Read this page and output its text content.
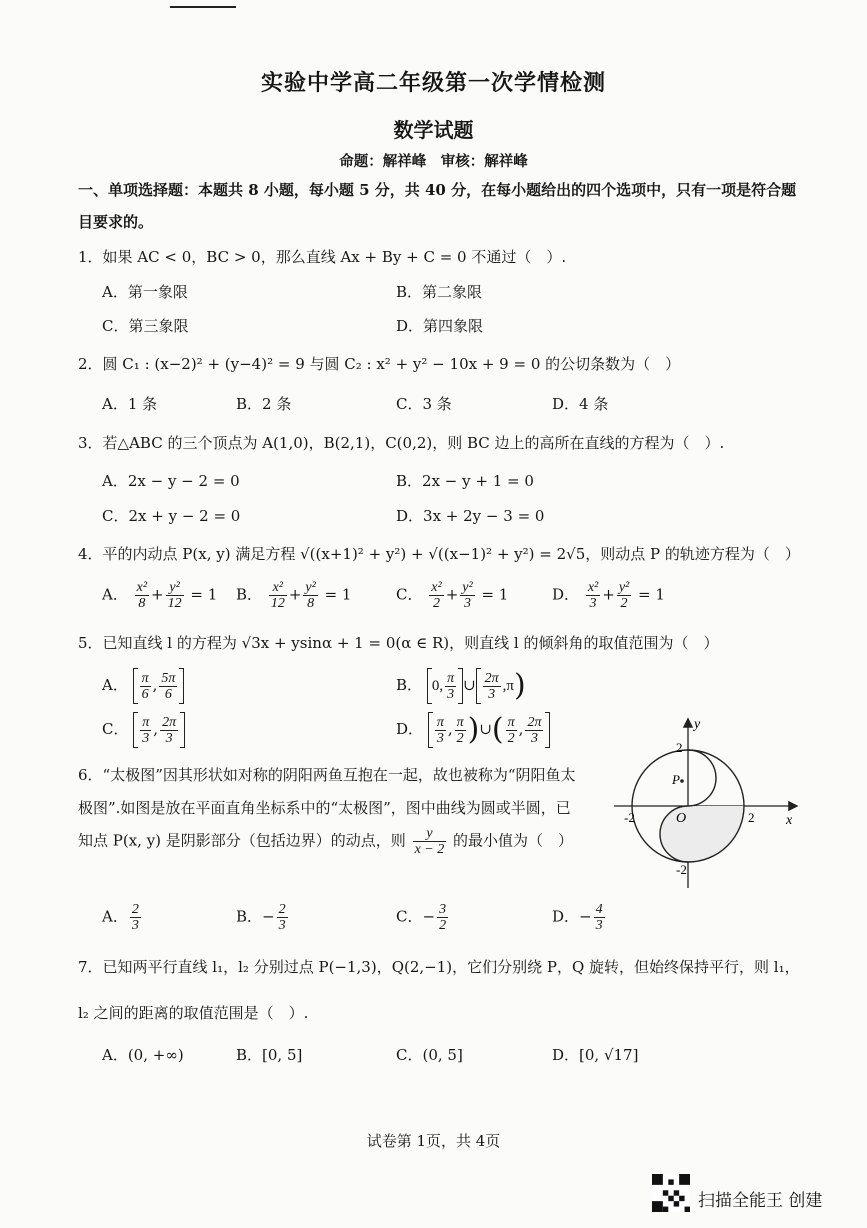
实验中学高二年级第一次学情检测
数学试题
命题：解祥峰　审核：解祥峰
一、单项选择题：本题共 8 小题，每小题 5 分，共 40 分，在每小题给出的四个选项中，只有一项是符合题目要求的。
1．如果 AC < 0，BC > 0，那么直线 Ax + By + C = 0 不通过（　）.
A．第一象限	B．第二象限
C．第三象限	D．第四象限
2．圆 C₁ : (x−2)² + (y−4)² = 9 与圆 C₂ : x² + y² − 10x + 9 = 0 的公切条数为（　）
A．1 条	B．2 条	C．3 条	D．4 条
3．若△ABC 的三个顶点为 A(1,0)，B(2,1)，C(0,2)，则 BC 边上的高所在直线的方程为（　）.
A．2x − y − 2 = 0	B．2x − y + 1 = 0
C．2x + y − 2 = 0	D．3x + 2y − 3 = 0
4．平的内动点 P(x, y) 满足方程 √((x+1)² + y²) + √((x−1)² + y²) = 2√5，则动点 P 的轨迹方程为（　）
A． $\frac{\text{x²}}{8} + \frac{\text{y²}}{12} = 1$ B． $\frac{\text{x²}}{12} + \frac{\text{y²}}{8} = 1$	C． $\frac{\text{x²}}{2} + \frac{\text{y²}}{3} = 1$	D． $\frac{\text{x²}}{3} + \frac{\text{y²}}{2} = 1$
5．已知直线 l 的方程为 √3x + ysinα + 1 = 0(α ∈ R)，则直线 l 的倾斜角的取值范围为（　）
A． $\frac{\pi}{6}$ , $\frac{5\pi}{6}$	B． 0, $\frac{\pi}{3}$ ∪ $\frac{2\pi}{3} ,\pi$)
C． $\frac{\pi}{3}$ , $\frac{2\pi}{3}$	D． $\frac{\pi}{3}$ , $\frac{\pi}{2}$ )∪( $\frac{\pi}{2}$ , $\frac{2\pi}{3}$
6．“太极图”因其形状如对称的阴阳两鱼互抱在一起，故也被称为“阴阳鱼太
极图”.如图是放在平面直角坐标系中的“太极图”，图中曲线为圆或半圆，已
知点 P(x, y) 是阴影部分（包括边界）的动点，则 $\frac{y}{x - 2}$ 的最小值为（　）
y
x
O
2
-2
2
-2
P
A． $\frac{2}{3}$	B．− $\frac{2}{3}$	C．− $\frac{3}{2}$	D．− $\frac{4}{3}$
7．已知两平行直线 l₁，l₂ 分别过点 P(−1,3)，Q(2,−1)，它们分别绕 P，Q 旋转，但始终保持平行，则 l₁，
l₂ 之间的距离的取值范围是（　）.
A．(0, +∞)	B．[0, 5]	C．(0, 5]	D．[0, √17]
试卷第 1页，共 4页
扫描全能王 创建
